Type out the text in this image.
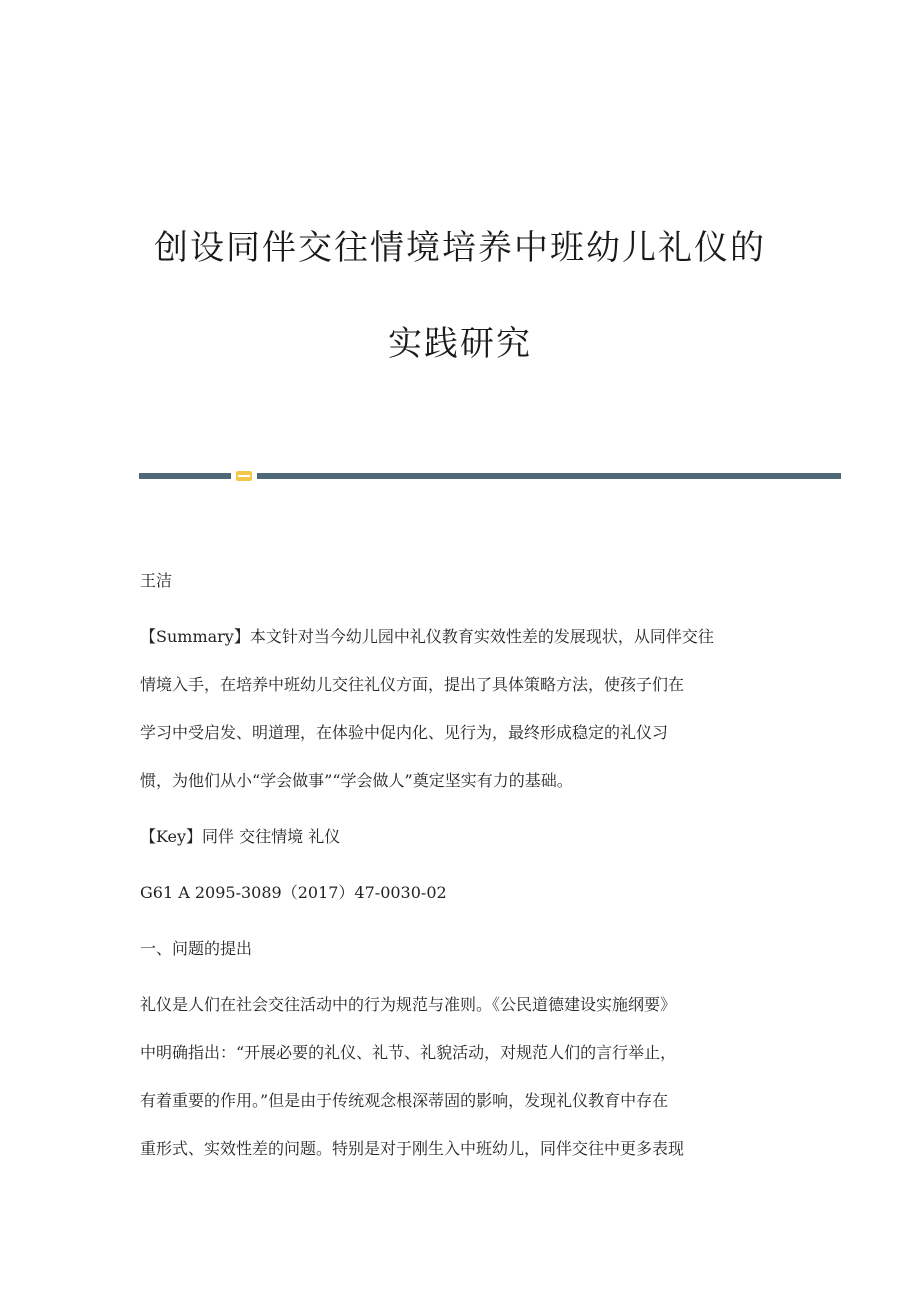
创设同伴交往情境培养中班幼儿礼仪的
实践研究

王洁

【Summary】本文针对当今幼儿园中礼仪教育实效性差的发展现状，从同伴交往

情境入手，在培养中班幼儿交往礼仪方面，提出了具体策略方法，使孩子们在

学习中受启发、明道理，在体验中促内化、见行为，最终形成稳定的礼仪习

惯，为他们从小“学会做事”“学会做人”奠定坚实有力的基础。

【Key】同伴 交往情境 礼仪

G61 A 2095-3089（2017）47-0030-02

一、问题的提出

礼仪是人们在社会交往活动中的行为规范与准则。《公民道德建设实施纲要》

中明确指出：“开展必要的礼仪、礼节、礼貌活动，对规范人们的言行举止，

有着重要的作用。”但是由于传统观念根深蒂固的影响，发现礼仪教育中存在

重形式、实效性差的问题。特别是对于刚生入中班幼儿，同伴交往中更多表现
